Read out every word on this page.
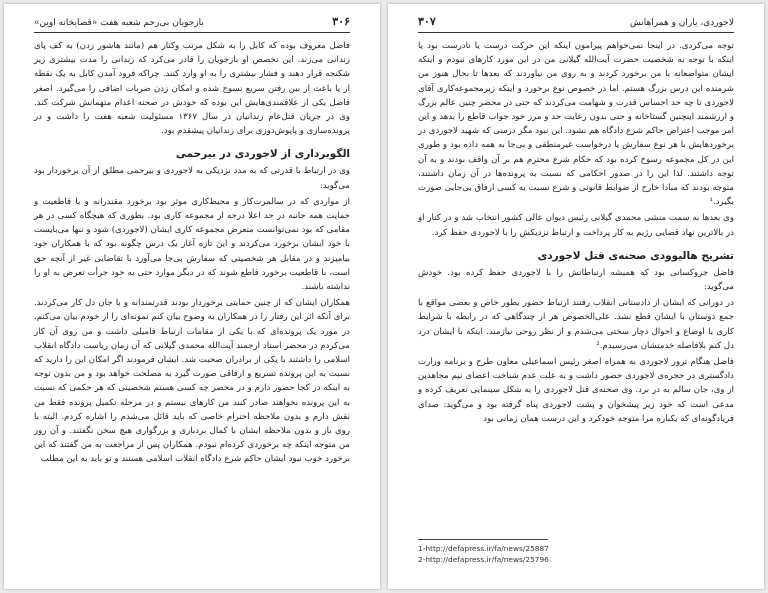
۳۰۶
بازجویان بی‌رحم شعبه هفت «قصابخانه اوین»

فاضل معروف بوده که کابل را به شکل مرتب وکثار هم (مانند هاشور زدن) به کف پای زندانی می‌زند. این تخصص او بازجویان را قادر می‌کرد که زندانی را مدت بیشتری زیر شکنجه قرار دهند و فشار بیشتری را به او وارد کنند. چراکه فرود آمدن کابل به یک نقطه از پا باعث از بین رفتن سریع نسوج شده و امکان زدن ضربات اضافی را می‌گیرد. اصغر فاضل یکی از علاقمندی‌هایش این بوده که خودش در صحنه اعدام متهمانش شرکت کند. وی در جریان قتل‌عام زندانیان در سال ۱۳۶۷ مسئولیت شعبه هفت را داشت و در پرونده‌سازی و پاپوش‌دوزی برای زندانیان پیشقدم بود.

الگوبرداری از لاجوردی در بیرحمی

وی در ارتباط با قدرتی که به مدد نزدیکی به لاجوردی و بیرحمی مطلق از آن برخوردار بود می‌گوید:

از مواردی که در سالمرت‌کار و محیط‌کاری موثر بود برخورد مقتدرانه و با قاطعیت و حمایت همه جانبه در حد اعلا درجه از مجموعه کاری بود. بطوری که هیچگاه کسی در هر مقامی که بود نمی‌توانست متعرض مجموعه کاری ایشان (لاجوردی) شود و تنها می‌بایست با خود ایشان برخورد می‌کردند و این تازه آغاز یک درس چگونه بود که با همکاران خود بیامیزند و در مقابل هر شخصیتی که سفارش بی‌جا می‌آورد با تقاضایی غیر از آنچه حق است، با قاطعیت برخورد قاطع شوند که در دیگر موارد حتی به خود جرأت تعرض به او را نداشته باشند.

همکاران ایشان که از چنین حمایتی برخوردار بودند قدرتمندانه و با جان دل کار می‌کردند. برای آنکه اثر این رفتار را در همکاران به وضوح بیان کنم نمونه‌ای را از خودم بیان می‌کنم. در مورد یک پرونده‌ای که با یکی از مقامات ارتباط فامیلی داشت و من روی آن کار می‌کردم در محضر استاد ارجمند آیت‌الله محمدی گیلانی که آن زمان ریاست دادگاه انقلاب اسلامی را داشتند با یکی از برادران صحبت شد. ایشان فرمودند اگر امکان این را دارید که نسبت به این پرونده تسریع و ارفاقی صورت گیرد به مصلحت خواهد بود و من بدون توجه به اینکه در کجا حضور دارم و در محضر چه کسی هستم شخصیتی که هر حکمی که نسبت به این پرونده بخواهند صادر کنند من کارهای نیستم و در مرحله تکمیل پرونده فقط من نقش دارم و بدون ملاحظه احترام خاصی که باید قائل می‌شدم را اشاره کردم. البته با روی باز و بدون ملاحظه ایشان با کمال بردباری و بزرگواری هیچ سخن نگفتند. و آن روز من متوجه اینکه چه برخوردی کرده‌ام نبودم. همکاران پس از مراجعت به من گفتند که این برخورد خوب نبود ایشان حاکم شرع دادگاه انقلاب اسلامی هستند و تو باید به این مطلب

لاجوردی، یاران و همراهانش
۳۰۷

توجه می‌کردی. در اینجا نمی‌خواهم پیرامون اینکه این حرکت درست یا نادرست بود یا اینکه با توجه به شخصیت حضرت آیت‌الله گیلانی من در این مورد کارهای نبودم و اینکه ایشان متواضعانه با من برخورد کردند و به روی من نیاوردند که بعدها تا بحال هنوز من شرمنده این درس بزرگ هستم. اما در خصوص نوع برخورد و اینکه زیرمجموعه‌کاری آقای لاجوردی تا چه حد احساس قدرت و شهامت می‌کردند که حتی در محضر چنین عالم بزرگ و ارزشمند اینچنین گستاخانه و حتی بدون رعایت حد و مرز خود جواب قاطع را بدهد و این امر موجب اعتراض حاکم شرع دادگاه هم نشود. این نبود مگر درسی که شهید لاجوردی در برخوردهایش با هر نوع سفارش یا درخواست غیرمنطقی و بی‌جا به همه داده بود و طوری این در کل مجموعه رسوخ کرده بود که حکام شرع محترم هم بر آن واقف بودند و به آن توجه داشتند. لذا این را در صدور احکامی که نسبت به پرونده‌ها در آن زمان داشتند، متوجه بودند که مبادا خارج از ضوابط قانونی و شرع نسبت به کسی ارفاق بی‌جایی صورت بگیرد.¹

وی بعدها به سمت منشی محمدی گیلانی رئیس دیوان عالی کشور انتخاب شد و در کنار او در بالاترین نهاد قضایی رژیم به کار پرداخت و ارتباط نزدیکش را با لاجوردی حفظ کرد.

تشریح هالیوودی صحنه‌ی قتل لاجوردی

فاضل جزوکسانی بود که همیشه ارتباطاتش را با لاجوردی حفظ کرده بود. خودش می‌گوید:

در دورانی که ایشان از دادستانی انقلاب رفتند ارتباط حضور بطور خاص و بعضی مواقع با جمع دوستان با ایشان قطع نشد. علی‌الخصوص هر از چندگاهی که در رابطه با شرایط کاری یا اوضاع و احوال دچار سختی می‌شدم و از نظر روحی نیازمند. اینکه با ایشان درد دل کنم بلافاصله خدمتشان می‌رسیدم.²

فاضل هنگام ترور لاجوردی به همراه اصغر رئیس اسماعیلی معاون طرح و برنامه وزارت دادگستری در حجره‌ی لاجوردی حضور داشت و به علت عدم شناخت اعضای تیم مجاهدین از وی، جان سالم به در برد. وی صحنه‌ی قتل لاجوردی را به شکل سینمایی تعریف کرده و مدعی است که خود زیر پیشخوان و پشت لاجوردی پناه گرفته بود و می‌گوید: صدای فریادگونه‌ای که یکباره مرا متوجه خودکرد و این درست همان زمانی بود

1-http://defapress.ir/fa/news/25887
2-http://defapress.ir/fa/news/25796
